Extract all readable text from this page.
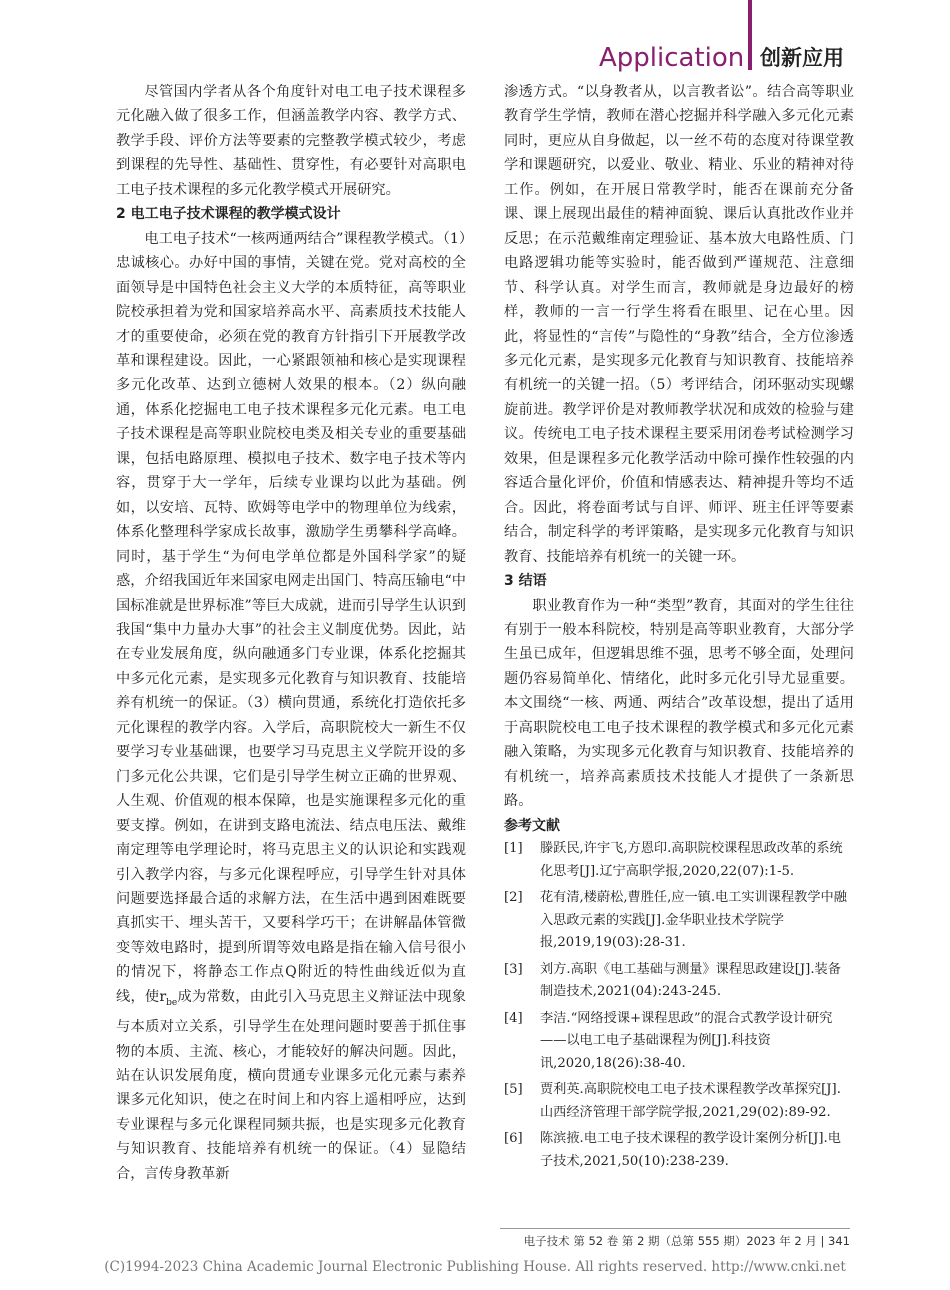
Application 创新应用

尽管国内学者从各个角度针对电工电子技术课程多元化融入做了很多工作，但涵盖教学内容、教学方式、教学手段、评价方法等要素的完整教学模式较少，考虑到课程的先导性、基础性、贯穿性，有必要针对高职电工电子技术课程的多元化教学模式开展研究。

2 电工电子技术课程的教学模式设计

电工电子技术“一核两通两结合”课程教学模式。（1）忠诚核心。办好中国的事情，关键在党。党对高校的全面领导是中国特色社会主义大学的本质特征，高等职业院校承担着为党和国家培养高水平、高素质技术技能人才的重要使命，必须在党的教育方针指引下开展教学改革和课程建设。因此，一心紧跟领袖和核心是实现课程多元化改革、达到立德树人效果的根本。（2）纵向融通，体系化挖掘电工电子技术课程多元化元素。电工电子技术课程是高等职业院校电类及相关专业的重要基础课，包括电路原理、模拟电子技术、数字电子技术等内容，贯穿于大一学年，后续专业课均以此为基础。例如，以安培、瓦特、欧姆等电学中的物理单位为线索，体系化整理科学家成长故事，激励学生勇攀科学高峰。同时，基于学生“为何电学单位都是外国科学家”的疑惑，介绍我国近年来国家电网走出国门、特高压输电“中国标准就是世界标准”等巨大成就，进而引导学生认识到我国“集中力量办大事”的社会主义制度优势。因此，站在专业发展角度，纵向融通多门专业课，体系化挖掘其中多元化元素，是实现多元化教育与知识教育、技能培养有机统一的保证。（3）横向贯通，系统化打造依托多元化课程的教学内容。入学后，高职院校大一新生不仅要学习专业基础课，也要学习马克思主义学院开设的多门多元化公共课，它们是引导学生树立正确的世界观、人生观、价值观的根本保障，也是实施课程多元化的重要支撑。例如，在讲到支路电流法、结点电压法、戴维南定理等电学理论时，将马克思主义的认识论和实践观引入教学内容，与多元化课程呼应，引导学生针对具体问题要选择最合适的求解方法，在生活中遇到困难既要真抓实干、埋头苦干，又要科学巧干；在讲解晶体管微变等效电路时，提到所谓等效电路是指在输入信号很小的情况下，将静态工作点Q附近的特性曲线近似为直线，使$r_{be}$成为常数，由此引入马克思主义辩证法中现象与本质对立关系，引导学生在处理问题时要善于抓住事物的本质、主流、核心，才能较好的解决问题。因此，站在认识发展角度，横向贯通专业课多元化元素与素养课多元化知识，使之在时间上和内容上遥相呼应，达到专业课程与多元化课程同频共振，也是实现多元化教育与知识教育、技能培养有机统一的保证。（4）显隐结合，言传身教革新

渗透方式。“以身教者从，以言教者讼”。结合高等职业教育学生学情，教师在潜心挖掘并科学融入多元化元素同时，更应从自身做起，以一丝不苟的态度对待课堂教学和课题研究，以爱业、敬业、精业、乐业的精神对待工作。例如，在开展日常教学时，能否在课前充分备课、课上展现出最佳的精神面貌、课后认真批改作业并反思；在示范戴维南定理验证、基本放大电路性质、门电路逻辑功能等实验时，能否做到严谨规范、注意细节、科学认真。对学生而言，教师就是身边最好的榜样，教师的一言一行学生将看在眼里、记在心里。因此，将显性的“言传”与隐性的“身教”结合，全方位渗透多元化元素，是实现多元化教育与知识教育、技能培养有机统一的关键一招。（5）考评结合，闭环驱动实现螺旋前进。教学评价是对教师教学状况和成效的检验与建议。传统电工电子技术课程主要采用闭卷考试检测学习效果，但是课程多元化教学活动中除可操作性较强的内容适合量化评价，价值和情感表达、精神提升等均不适合。因此，将卷面考试与自评、师评、班主任评等要素结合，制定科学的考评策略，是实现多元化教育与知识教育、技能培养有机统一的关键一环。

3 结语

职业教育作为一种“类型”教育，其面对的学生往往有别于一般本科院校，特别是高等职业教育，大部分学生虽已成年，但逻辑思维不强，思考不够全面，处理问题仍容易简单化、情绪化，此时多元化引导尤显重要。本文围绕“一核、两通、两结合”改革设想，提出了适用于高职院校电工电子技术课程的教学模式和多元化元素融入策略，为实现多元化教育与知识教育、技能培养的有机统一，培养高素质技术技能人才提供了一条新思路。

参考文献
[1]	滕跃民,许宇飞,方恩印.高职院校课程思政改革的系统化思考[J].辽宁高职学报,2020,22(07):1-5.
[2]	花有清,楼蔚松,曹胜任,应一镇.电工实训课程教学中融入思政元素的实践[J].金华职业技术学院学报,2019,19(03):28-31.
[3]	刘方.高职《电工基础与测量》课程思政建设[J].装备制造技术,2021(04):243-245.
[4]	李洁.“网络授课+课程思政”的混合式教学设计研究——以电工电子基础课程为例[J].科技资讯,2020,18(26):38-40.
[5]	贾利英.高职院校电工电子技术课程教学改革探究[J].山西经济管理干部学院学报,2021,29(02):89-92.
[6]	陈滨掖.电工电子技术课程的教学设计案例分析[J].电子技术,2021,50(10):238-239.
电子技术 第 52 卷 第 2 期（总第 555 期）2023 年 2 月 | 341
(C)1994-2023 China Academic Journal Electronic Publishing House. All rights reserved. http://www.cnki.net
